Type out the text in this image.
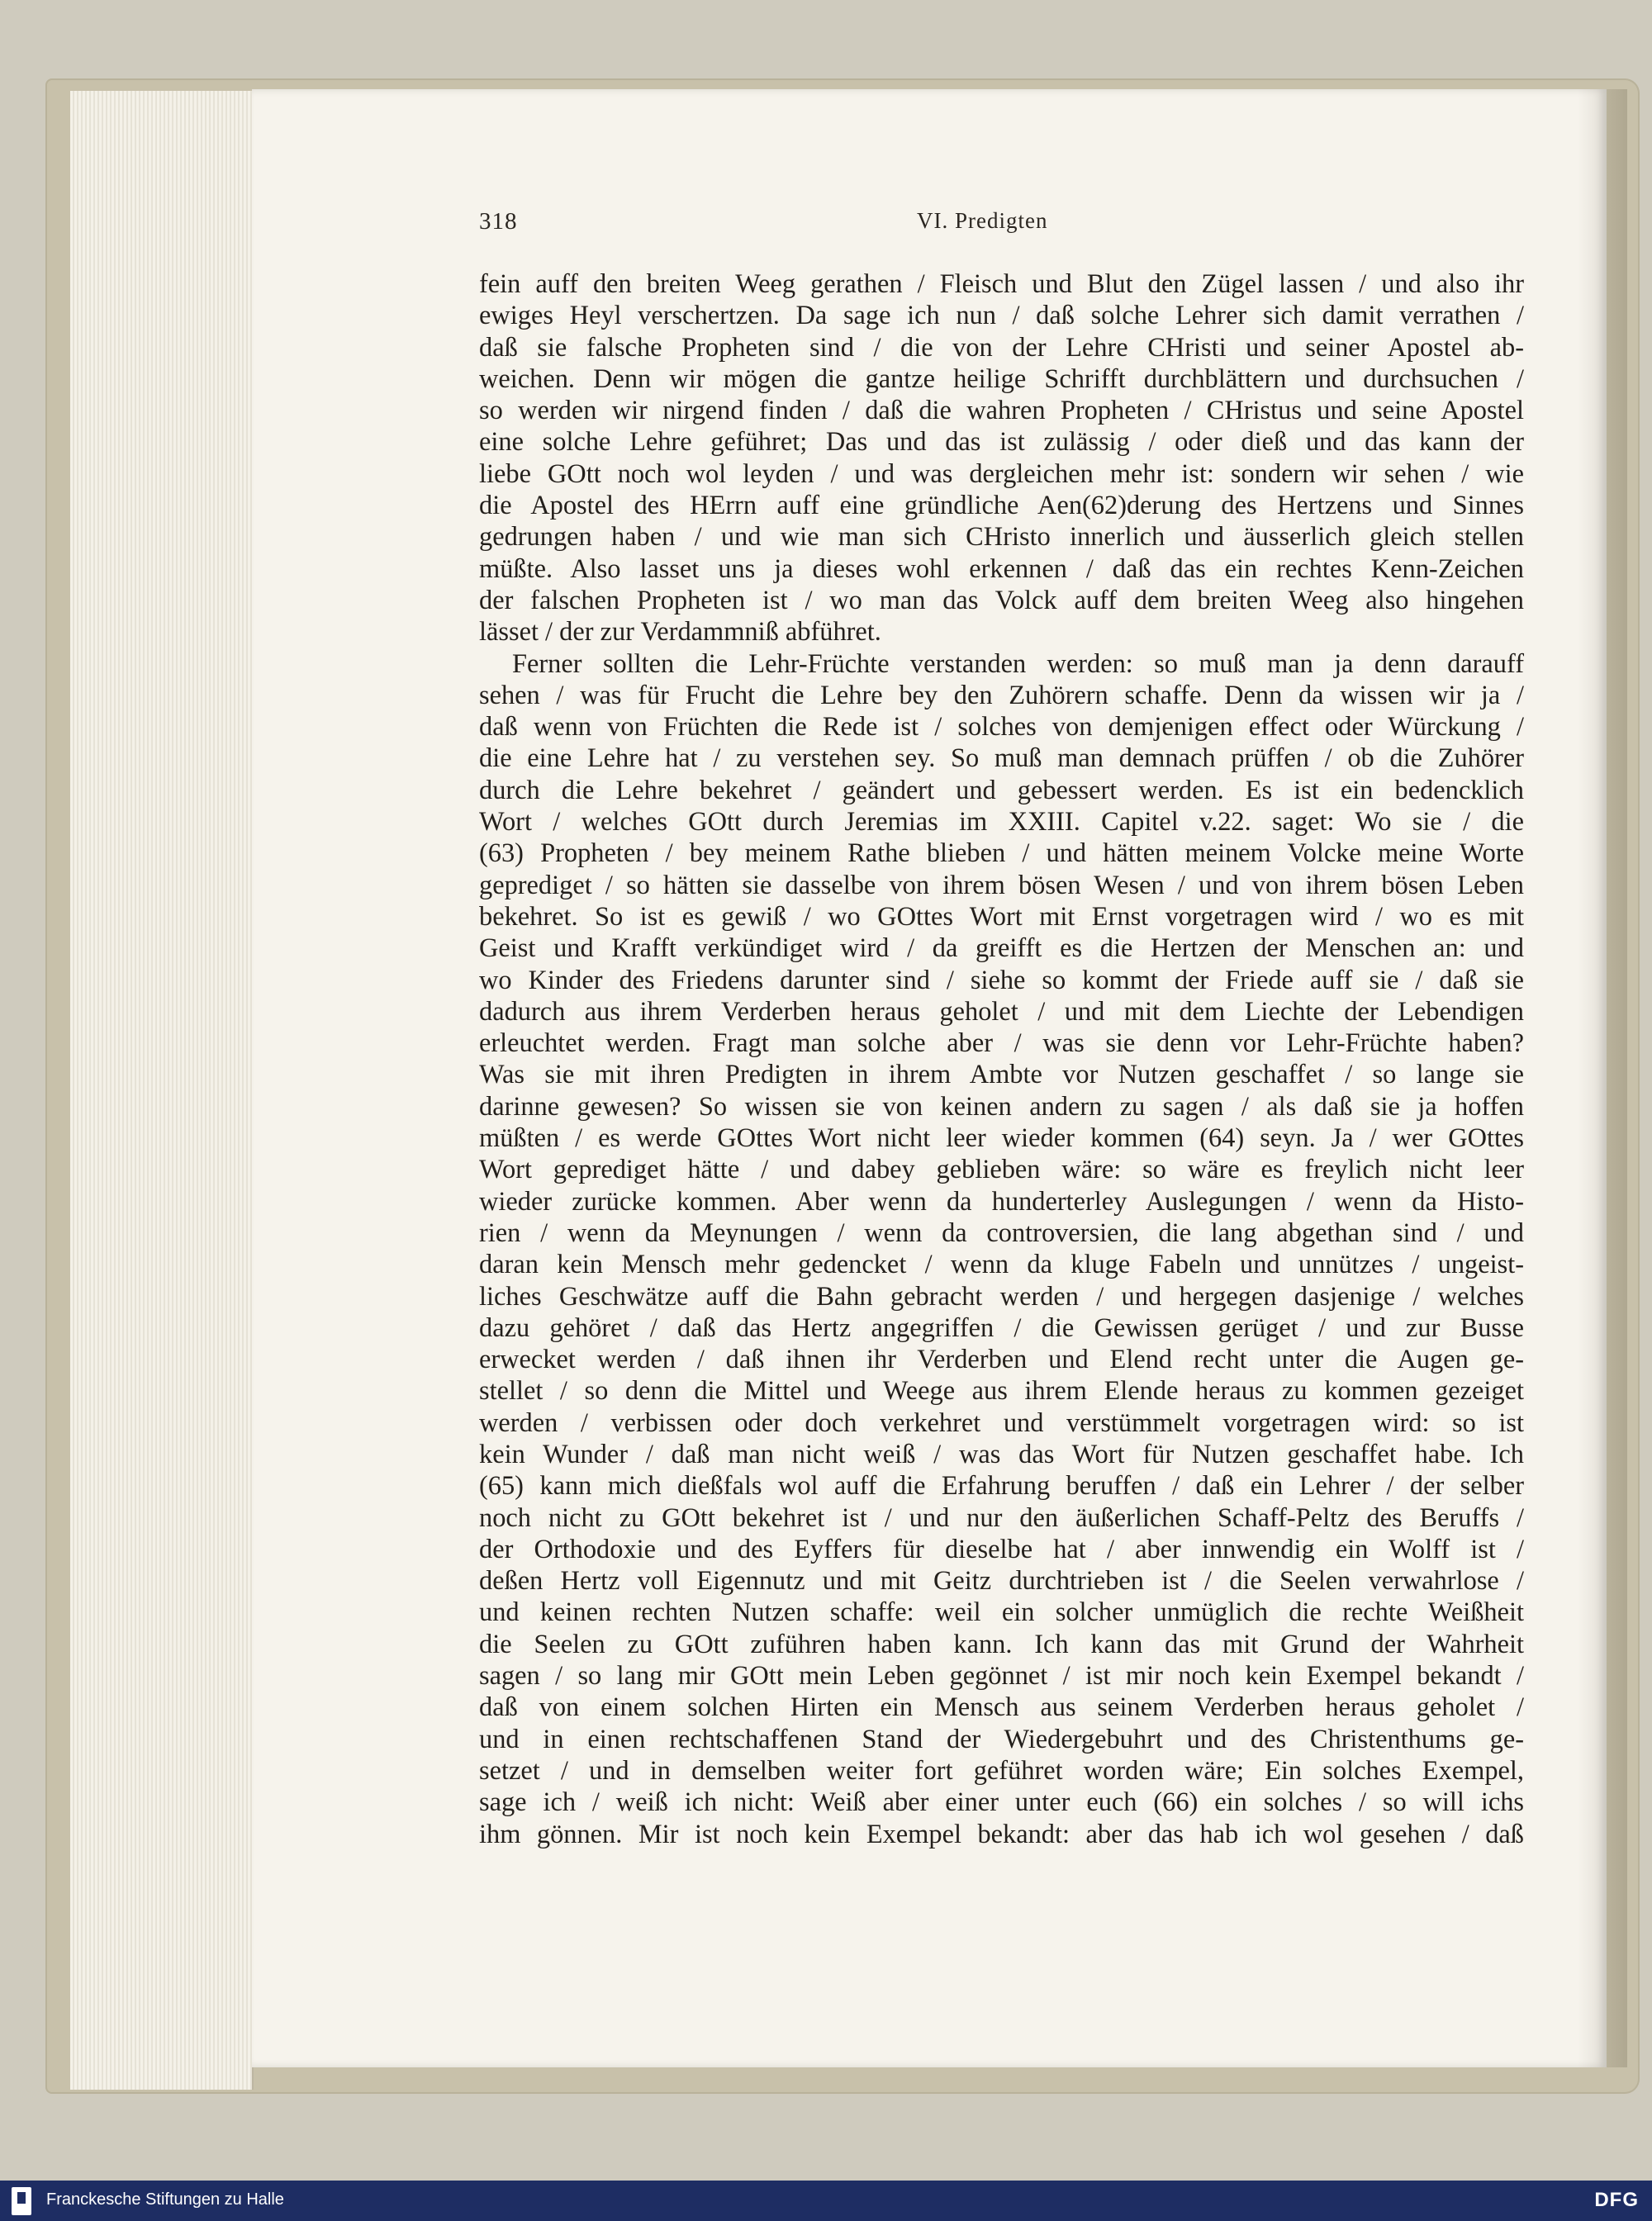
318	VI. Predigten
fein auff den breiten Weeg gerathen / Fleisch und Blut den Zügel lassen / und also ihr
ewiges Heyl verschertzen. Da sage ich nun / daß solche Lehrer sich damit verrathen /
daß sie falsche Propheten sind / die von der Lehre CHristi und seiner Apostel ab-
weichen. Denn wir mögen die gantze heilige Schrifft durchblättern und durchsuchen /
so werden wir nirgend finden / daß die wahren Propheten / CHristus und seine Apostel
eine solche Lehre geführet; Das und das ist zulässig / oder dieß und das kann der
liebe GOtt noch wol leyden / und was dergleichen mehr ist: sondern wir sehen / wie
die Apostel des HErrn auff eine gründliche Aen(62)derung des Hertzens und Sinnes
gedrungen haben / und wie man sich CHristo innerlich und äusserlich gleich stellen
müßte. Also lasset uns ja dieses wohl erkennen / daß das ein rechtes Kenn-Zeichen
der falschen Propheten ist / wo man das Volck auff dem breiten Weeg also hingehen
lässet / der zur Verdammniß abführet.
Ferner sollten die Lehr-Früchte verstanden werden: so muß man ja denn darauff
sehen / was für Frucht die Lehre bey den Zuhörern schaffe. Denn da wissen wir ja /
daß wenn von Früchten die Rede ist / solches von demjenigen effect oder Würckung /
die eine Lehre hat / zu verstehen sey. So muß man demnach prüffen / ob die Zuhörer
durch die Lehre bekehret / geändert und gebessert werden. Es ist ein bedencklich
Wort / welches GOtt durch Jeremias im XXIII. Capitel v.22. saget: Wo sie / die
(63) Propheten / bey meinem Rathe blieben / und hätten meinem Volcke meine Worte
geprediget / so hätten sie dasselbe von ihrem bösen Wesen / und von ihrem bösen Leben
bekehret. So ist es gewiß / wo GOttes Wort mit Ernst vorgetragen wird / wo es mit
Geist und Krafft verkündiget wird / da greifft es die Hertzen der Menschen an: und
wo Kinder des Friedens darunter sind / siehe so kommt der Friede auff sie / daß sie
dadurch aus ihrem Verderben heraus geholet / und mit dem Liechte der Lebendigen
erleuchtet werden. Fragt man solche aber / was sie denn vor Lehr-Früchte haben?
Was sie mit ihren Predigten in ihrem Ambte vor Nutzen geschaffet / so lange sie
darinne gewesen? So wissen sie von keinen andern zu sagen / als daß sie ja hoffen
müßten / es werde GOttes Wort nicht leer wieder kommen (64) seyn. Ja / wer GOttes
Wort geprediget hätte / und dabey geblieben wäre: so wäre es freylich nicht leer
wieder zurücke kommen. Aber wenn da hunderterley Auslegungen / wenn da Histo-
rien / wenn da Meynungen / wenn da controversien, die lang abgethan sind / und
daran kein Mensch mehr gedencket / wenn da kluge Fabeln und unnützes / ungeist-
liches Geschwätze auff die Bahn gebracht werden / und hergegen dasjenige / welches
dazu gehöret / daß das Hertz angegriffen / die Gewissen gerüget / und zur Busse
erwecket werden / daß ihnen ihr Verderben und Elend recht unter die Augen ge-
stellet / so denn die Mittel und Weege aus ihrem Elende heraus zu kommen gezeiget
werden / verbissen oder doch verkehret und verstümmelt vorgetragen wird: so ist
kein Wunder / daß man nicht weiß / was das Wort für Nutzen geschaffet habe. Ich
(65) kann mich dießfals wol auff die Erfahrung beruffen / daß ein Lehrer / der selber
noch nicht zu GOtt bekehret ist / und nur den äußerlichen Schaff-Peltz des Beruffs /
der Orthodoxie und des Eyffers für dieselbe hat / aber innwendig ein Wolff ist /
deßen Hertz voll Eigennutz und mit Geitz durchtrieben ist / die Seelen verwahrlose /
und keinen rechten Nutzen schaffe: weil ein solcher unmüglich die rechte Weißheit
die Seelen zu GOtt zuführen haben kann. Ich kann das mit Grund der Wahrheit
sagen / so lang mir GOtt mein Leben gegönnet / ist mir noch kein Exempel bekandt /
daß von einem solchen Hirten ein Mensch aus seinem Verderben heraus geholet /
und in einen rechtschaffenen Stand der Wiedergebuhrt und des Christenthums ge-
setzet / und in demselben weiter fort geführet worden wäre; Ein solches Exempel,
sage ich / weiß ich nicht: Weiß aber einer unter euch (66) ein solches / so will ichs
ihm gönnen. Mir ist noch kein Exempel bekandt: aber das hab ich wol gesehen / daß
Franckesche Stiftungen zu Halle	DFG
